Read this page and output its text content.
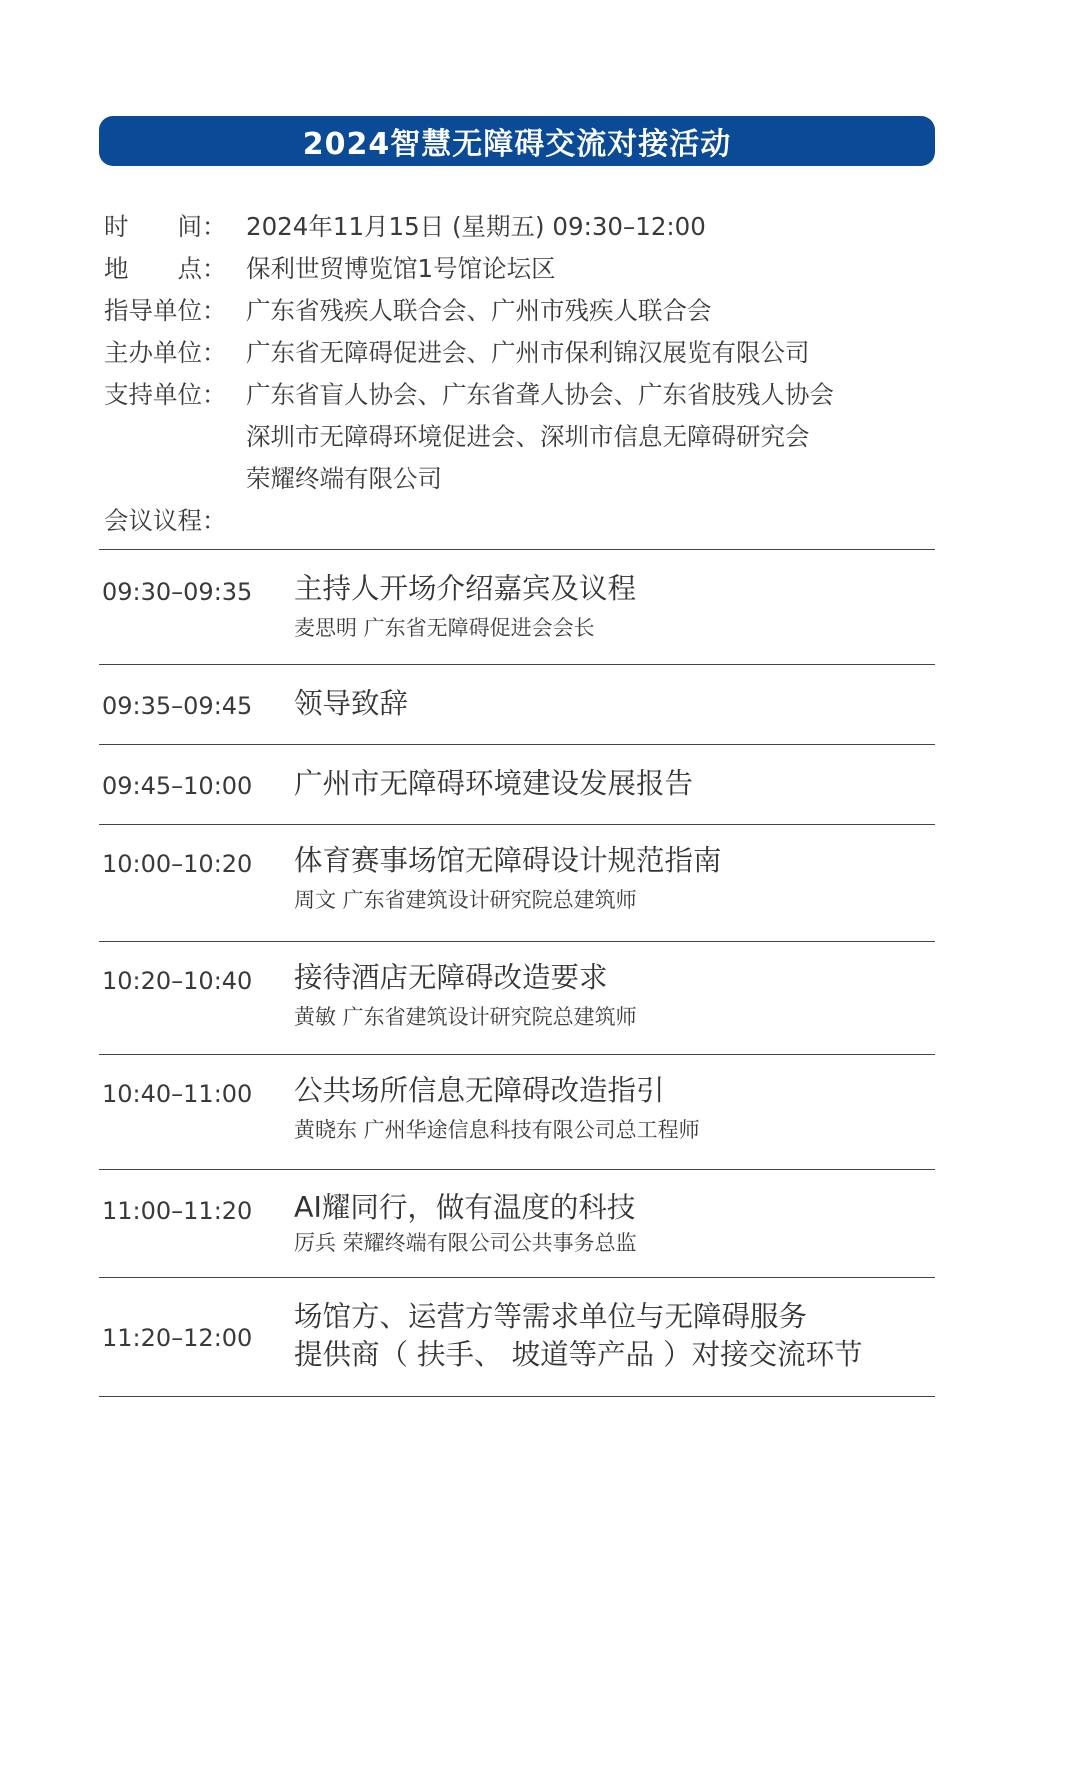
2024智慧无障碍交流对接活动
时　　间： 2024年11月15日 (星期五) 09:30–12:00
地　　点： 保利世贸博览馆1号馆论坛区
指导单位： 广东省残疾人联合会、广州市残疾人联合会
主办单位： 广东省无障碍促进会、广州市保利锦汉展览有限公司
支持单位： 广东省盲人协会、广东省聋人协会、广东省肢残人协会
深圳市无障碍环境促进会、深圳市信息无障碍研究会
荣耀终端有限公司
会议议程：
09:30–09:35 主持人开场介绍嘉宾及议程
麦思明 广东省无障碍促进会会长
09:35–09:45 领导致辞
09:45–10:00 广州市无障碍环境建设发展报告
10:00–10:20 体育赛事场馆无障碍设计规范指南
周文 广东省建筑设计研究院总建筑师
10:20–10:40 接待酒店无障碍改造要求
黄敏 广东省建筑设计研究院总建筑师
10:40–11:00 公共场所信息无障碍改造指引
黄晓东 广州华途信息科技有限公司总工程师
11:00–11:20 AI耀同行，做有温度的科技
厉兵 荣耀终端有限公司公共事务总监
11:20–12:00
场馆方、运营方等需求单位与无障碍服务
提供商（ 扶手、 坡道等产品 ）对接交流环节
